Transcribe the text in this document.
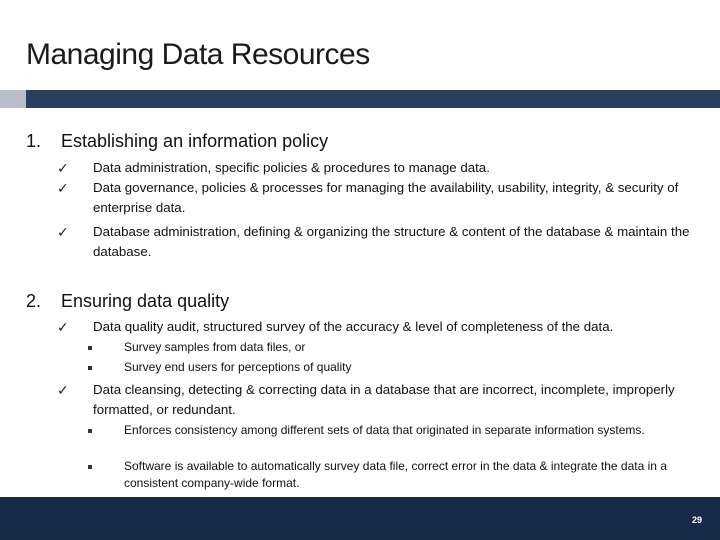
Managing Data Resources
1. Establishing an information policy
✓ Data administration, specific policies & procedures to manage data.
✓ Data governance, policies & processes for managing the availability, usability, integrity, & security of enterprise data.
✓ Database administration, defining & organizing the structure & content of the database & maintain the database.
2. Ensuring data quality
✓ Data quality audit, structured survey of the accuracy & level of completeness of the data.
Survey samples from data files, or
Survey end users for perceptions of quality
✓ Data cleansing, detecting & correcting data in a database that are incorrect, incomplete, improperly formatted, or redundant.
Enforces consistency among different sets of data that originated in separate information systems.
Software is available to automatically survey data file, correct error in the data & integrate the data in a consistent company-wide format.
29
